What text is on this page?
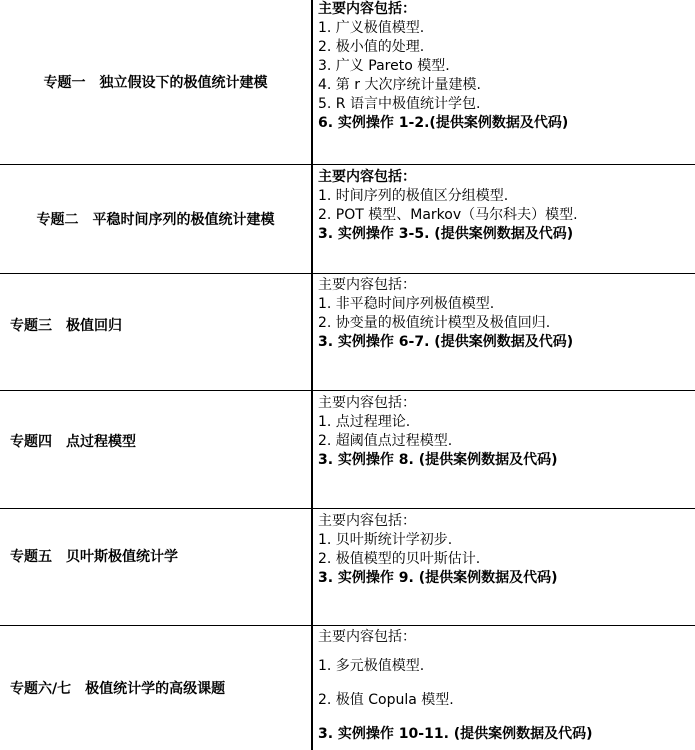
专题一　独立假设下的极值统计建模
主要内容包括：
1. 广义极值模型.
2. 极小值的处理.
3. 广义 Pareto 模型.
4. 第 r 大次序统计量建模.
5. R 语言中极值统计学包.
6. 实例操作 1-2.(提供案例数据及代码)
专题二　平稳时间序列的极值统计建模
主要内容包括：
1. 时间序列的极值区分组模型.
2. POT 模型、Markov（马尔科夫）模型.
3. 实例操作 3-5. (提供案例数据及代码)
专题三　极值回归
主要内容包括：
1. 非平稳时间序列极值模型.
2. 协变量的极值统计模型及极值回归.
3. 实例操作 6-7. (提供案例数据及代码)
专题四　点过程模型
主要内容包括：
1. 点过程理论.
2. 超阈值点过程模型.
3. 实例操作 8. (提供案例数据及代码)
专题五　贝叶斯极值统计学
主要内容包括：
1. 贝叶斯统计学初步.
2. 极值模型的贝叶斯估计.
3. 实例操作 9. (提供案例数据及代码)
专题六/七　极值统计学的高级课题
主要内容包括：
1. 多元极值模型.
2. 极值 Copula 模型.
3. 实例操作 10-11. (提供案例数据及代码)
